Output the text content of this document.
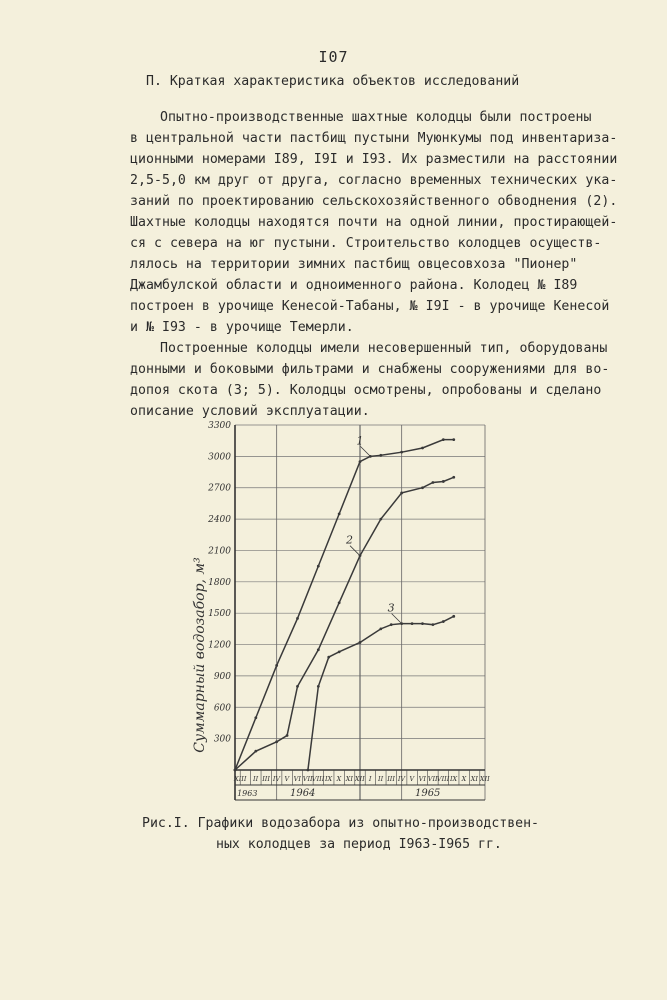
I07
П. Краткая характеристика объектов исследований
Опытно-производственные шахтные колодцы были построены
в центральной части пастбищ пустыни Муюнкумы под инвентаризa-
ционными номерами I89, I9I и I93. Их разместили на расстоянии
2,5-5,0 км друг от друга, согласно временных технических ука-
заний по проектированию сельскохозяйственного обводнения (2).
Шахтные колодцы находятся почти на одной линии, простирающей-
ся с севера на юг пустыни. Строительство колодцев осуществ-
лялось на территории зимних пастбищ овцесовхоза "Пионер"
Джамбулской области и одноименного района. Колодец № I89
построен в урочище Кенесой-Табаны, № I9I - в урочище Кенесой
и № I93 - в урочище Темерли.
Построенные колодцы имели несовершенный тип, оборудованы
донными и боковыми фильтрами и снабжены сооружениями для во-
допоя скота (3; 5). Колодцы осмотрены, опробованы и сделано
описание условий эксплуатации.
300
600
900
1200
1500
1800
2100
2400
2700
3000
3300
XII I II III IV V VI VII VIII IX X XI XII I II III IV V VI VII VIII IX X XI XII
1963	1964	1965
1
2
3
Суммарный водозабор, м³
Рис.I. Графики водозабора из опытно-производствен-
ных колодцев за период I963-I965 гг.
